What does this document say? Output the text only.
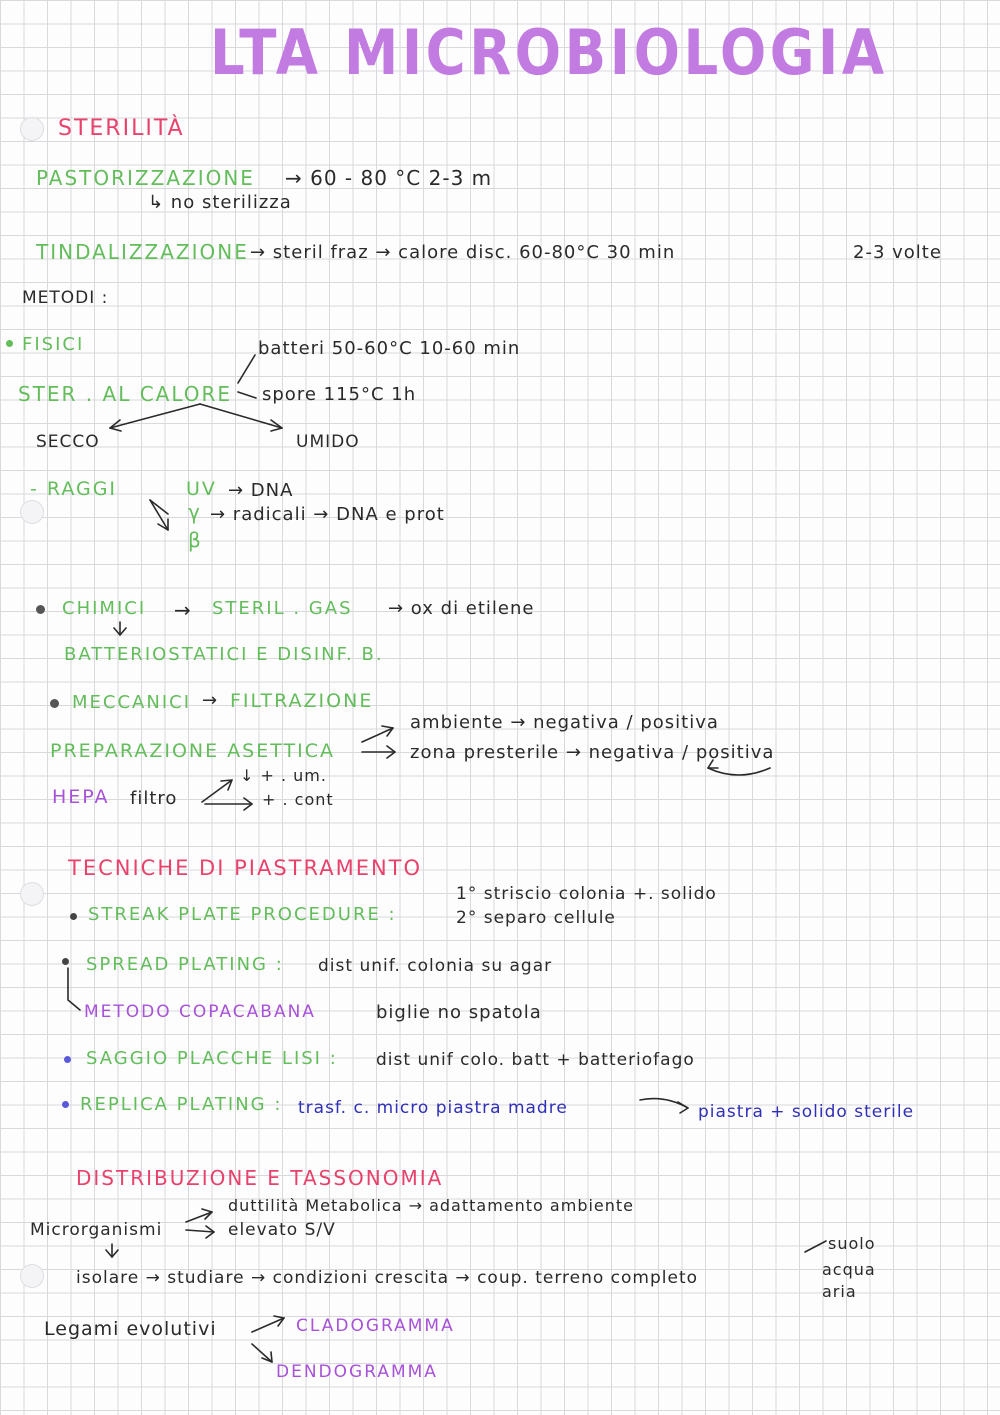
LTA MICROBIOLOGIA
STERILITÀ
PASTORIZZAZIONE → 60 - 80 °C 2-3 m
↳ no sterilizza
TINDALIZZAZIONE → steril fraz → calore disc. 60-80°C 30 min	2-3 volte
METODI :
FISICI	batteri 50-60°C 10-60 min
STER . AL CALORE spore 115°C 1h
SECCO	UMIDO
- RAGGI	UV → DNA
γ → radicali → DNA e prot
β
CHIMICI → STERIL . GAS → ox di etilene
BATTERIOSTATICI E DISINF. B.
MECCANICI → FILTRAZIONE
PREPARAZIONE ASETTICA
ambiente → negativa / positiva
zona presterile → negativa / positiva
HEPA filtro
↓ + . um.
+ . cont
TECNICHE DI PIASTRAMENTO
STREAK PLATE PROCEDURE :
1° striscio colonia +. solido
2° separo cellule
SPREAD PLATING : dist unif. colonia su agar
METODO COPACABANA	biglie no spatola
SAGGIO PLACCHE LISI : dist unif colo. batt + batteriofago
REPLICA PLATING : trasf. c. micro piastra madre	piastra + solido sterile
DISTRIBUZIONE E TASSONOMIA
Microrganismi
duttilità Metabolica → adattamento ambiente
elevato S/V
isolare → studiare → condizioni crescita → coup. terreno completo
suolo
acqua
aria
Legami evolutivi	CLADOGRAMMA
DENDOGRAMMA
